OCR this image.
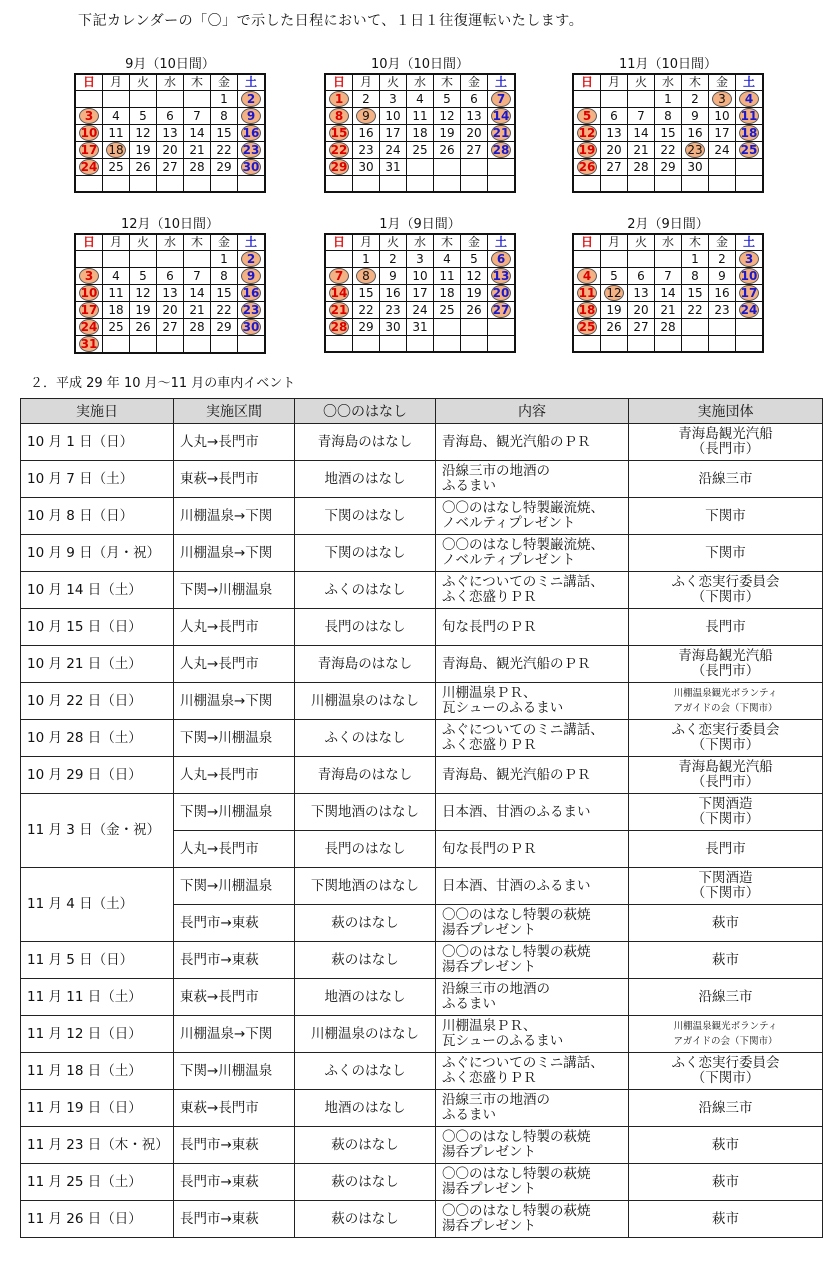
下記カレンダーの「〇」で示した日程において、１日１往復運転いたします。
9月（10日間）
日	月	火	水	木	金	土
					1	2
3	4	5	6	7	8	9
10	11	12	13	14	15	16
17	18	19	20	21	22	23
24	25	26	27	28	29	30

10月（10日間）
日	月	火	水	木	金	土
1	2	3	4	5	6	7
8	9	10	11	12	13	14
15	16	17	18	19	20	21
22	23	24	25	26	27	28
29	30	31				

11月（10日間）
日	月	火	水	木	金	土
			1	2	3	4
5	6	7	8	9	10	11
12	13	14	15	16	17	18
19	20	21	22	23	24	25
26	27	28	29	30		

12月（10日間）
日	月	火	水	木	金	土
					1	2
3	4	5	6	7	8	9
10	11	12	13	14	15	16
17	18	19	20	21	22	23
24	25	26	27	28	29	30
31						
1月（9日間）
日	月	火	水	木	金	土
	1	2	3	4	5	6
7	8	9	10	11	12	13
14	15	16	17	18	19	20
21	22	23	24	25	26	27
28	29	30	31			

2月（9日間）
日	月	火	水	木	金	土
				1	2	3
4	5	6	7	8	9	10
11	12	13	14	15	16	17
18	19	20	21	22	23	24
25	26	27	28			

２．平成 29 年 10 月～11 月の車内イベント
実施日	実施区間	〇〇のはなし	内容	実施団体
10 月 1 日（日）	人丸→長門市	青海島のはなし	青海島、観光汽船のＰＲ	青海島観光汽船
（長門市）
10 月 7 日（土）	東萩→長門市	地酒のはなし	沿線三市の地酒の
ふるまい	沿線三市
10 月 8 日（日）	川棚温泉→下関	下関のはなし	〇〇のはなし特製巌流焼、
ノベルティプレゼント	下関市
10 月 9 日（月・祝）	川棚温泉→下関	下関のはなし	〇〇のはなし特製巌流焼、
ノベルティプレゼント	下関市
10 月 14 日（土）	下関→川棚温泉	ふくのはなし	ふぐについてのミニ講話、
ふく恋盛りＰＲ	ふく恋実行委員会
（下関市）
10 月 15 日（日）	人丸→長門市	長門のはなし	旬な長門のＰＲ	長門市
10 月 21 日（土）	人丸→長門市	青海島のはなし	青海島、観光汽船のＰＲ	青海島観光汽船
（長門市）
10 月 22 日（日）	川棚温泉→下関	川棚温泉のはなし	川棚温泉ＰＲ、
瓦シューのふるまい	川棚温泉観光ボランティ
アガイドの会（下関市）
10 月 28 日（土）	下関→川棚温泉	ふくのはなし	ふぐについてのミニ講話、
ふく恋盛りＰＲ	ふく恋実行委員会
（下関市）
10 月 29 日（日）	人丸→長門市	青海島のはなし	青海島、観光汽船のＰＲ	青海島観光汽船
（長門市）
11 月 3 日（金・祝）	下関→川棚温泉	下関地酒のはなし	日本酒、甘酒のふるまい	下関酒造
（下関市）
	人丸→長門市	長門のはなし	旬な長門のＰＲ	長門市
11 月 4 日（土）	下関→川棚温泉	下関地酒のはなし	日本酒、甘酒のふるまい	下関酒造
（下関市）
	長門市→東萩	萩のはなし	〇〇のはなし特製の萩焼
湯呑プレゼント	萩市
11 月 5 日（日）	長門市→東萩	萩のはなし	〇〇のはなし特製の萩焼
湯呑プレゼント	萩市
11 月 11 日（土）	東萩→長門市	地酒のはなし	沿線三市の地酒の
ふるまい	沿線三市
11 月 12 日（日）	川棚温泉→下関	川棚温泉のはなし	川棚温泉ＰＲ、
瓦シューのふるまい	川棚温泉観光ボランティ
アガイドの会（下関市）
11 月 18 日（土）	下関→川棚温泉	ふくのはなし	ふぐについてのミニ講話、
ふく恋盛りＰＲ	ふく恋実行委員会
（下関市）
11 月 19 日（日）	東萩→長門市	地酒のはなし	沿線三市の地酒の
ふるまい	沿線三市
11 月 23 日（木・祝）	長門市→東萩	萩のはなし	〇〇のはなし特製の萩焼
湯呑プレゼント	萩市
11 月 25 日（土）	長門市→東萩	萩のはなし	〇〇のはなし特製の萩焼
湯呑プレゼント	萩市
11 月 26 日（日）	長門市→東萩	萩のはなし	〇〇のはなし特製の萩焼
湯呑プレゼント	萩市
